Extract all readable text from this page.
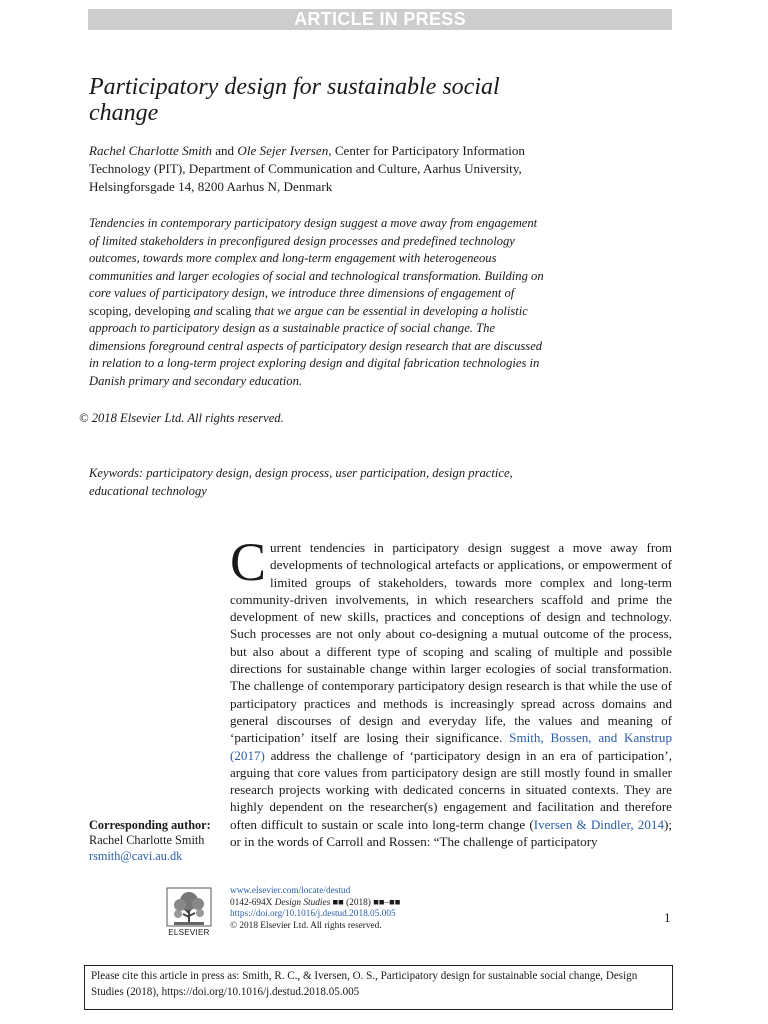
ARTICLE IN PRESS
Participatory design for sustainable social change
Rachel Charlotte Smith and Ole Sejer Iversen, Center for Participatory Information Technology (PIT), Department of Communication and Culture, Aarhus University, Helsingforsgade 14, 8200 Aarhus N, Denmark
Tendencies in contemporary participatory design suggest a move away from engagement of limited stakeholders in preconfigured design processes and predefined technology outcomes, towards more complex and long-term engagement with heterogeneous communities and larger ecologies of social and technological transformation. Building on core values of participatory design, we introduce three dimensions of engagement of scoping, developing and scaling that we argue can be essential in developing a holistic approach to participatory design as a sustainable practice of social change. The dimensions foreground central aspects of participatory design research that are discussed in relation to a long-term project exploring design and digital fabrication technologies in Danish primary and secondary education.
© 2018 Elsevier Ltd. All rights reserved.
Keywords: participatory design, design process, user participation, design practice, educational technology
Current tendencies in participatory design suggest a move away from developments of technological artefacts or applications, or empowerment of limited groups of stakeholders, towards more complex and long-term community-driven involvements, in which researchers scaffold and prime the development of new skills, practices and conceptions of design and technology. Such processes are not only about co-designing a mutual outcome of the process, but also about a different type of scoping and scaling of multiple and possible directions for sustainable change within larger ecologies of social transformation. The challenge of contemporary participatory design research is that while the use of participatory practices and methods is increasingly spread across domains and general discourses of design and everyday life, the values and meaning of ‘participation’ itself are losing their significance. Smith, Bossen, and Kanstrup (2017) address the challenge of ‘participatory design in an era of participation’, arguing that core values from participatory design are still mostly found in smaller research projects working with dedicated concerns in situated contexts. They are highly dependent on the researcher(s) engagement and facilitation and therefore often difficult to sustain or scale into long-term change (Iversen & Dindler, 2014); or in the words of Carroll and Rossen: “The challenge of participatory
Corresponding author:
Rachel Charlotte Smith
rsmith@cavi.au.dk
ELSEVIER
www.elsevier.com/locate/destud
0142-694X Design Studies ■■ (2018) ■■–■■
https://doi.org/10.1016/j.destud.2018.05.005
© 2018 Elsevier Ltd. All rights reserved.
1
Please cite this article in press as: Smith, R. C., & Iversen, O. S., Participatory design for sustainable social change, Design Studies (2018), https://doi.org/10.1016/j.destud.2018.05.005
